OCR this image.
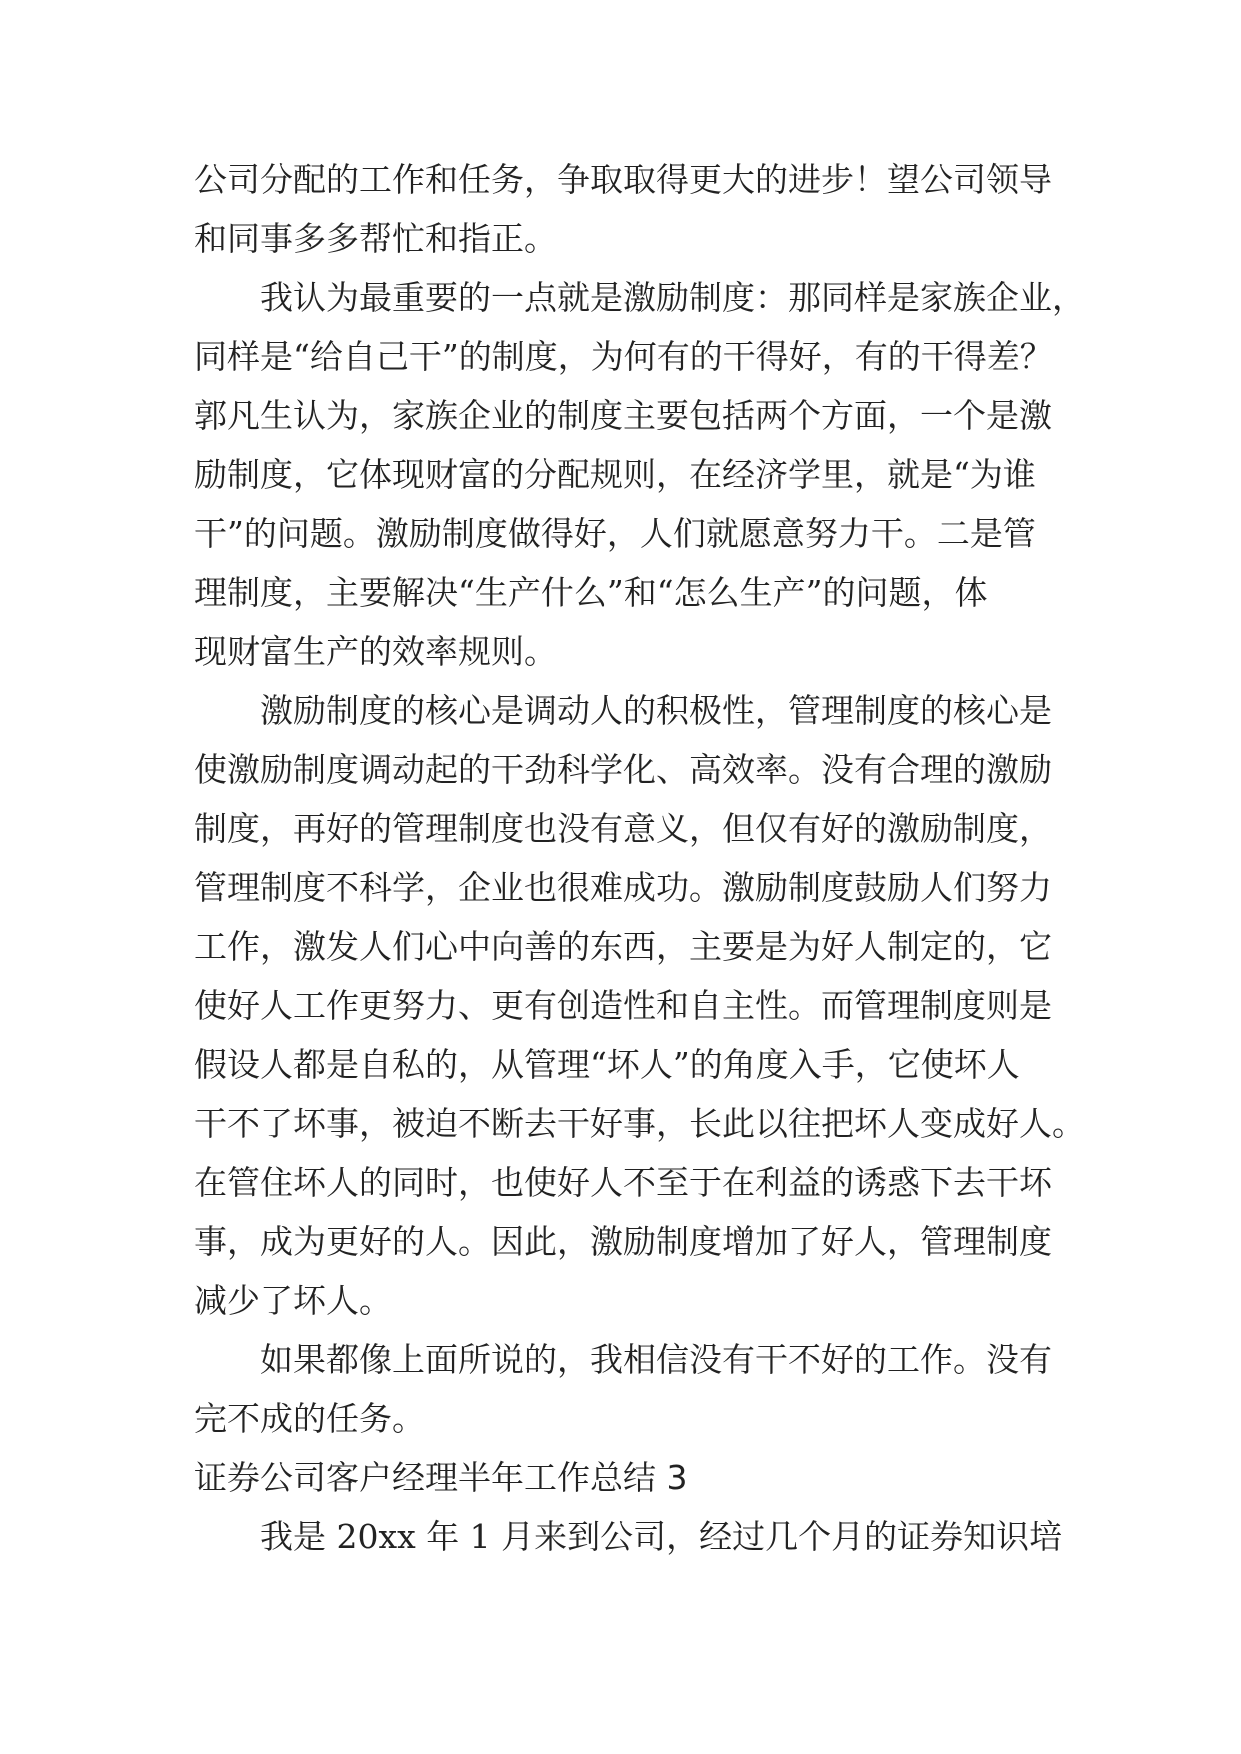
公司分配的工作和任务，争取取得更大的进步！望公司领导
和同事多多帮忙和指正。
　　我认为最重要的一点就是激励制度：那同样是家族企业，
同样是“给自己干”的制度，为何有的干得好，有的干得差？
郭凡生认为，家族企业的制度主要包括两个方面，一个是激
励制度，它体现财富的分配规则，在经济学里，就是“为谁
干”的问题。激励制度做得好，人们就愿意努力干。二是管
理制度，主要解决“生产什么”和“怎么生产”的问题，体
现财富生产的效率规则。
　　激励制度的核心是调动人的积极性，管理制度的核心是
使激励制度调动起的干劲科学化、高效率。没有合理的激励
制度，再好的管理制度也没有意义，但仅有好的激励制度，
管理制度不科学，企业也很难成功。激励制度鼓励人们努力
工作，激发人们心中向善的东西，主要是为好人制定的，它
使好人工作更努力、更有创造性和自主性。而管理制度则是
假设人都是自私的，从管理“坏人”的角度入手，它使坏人
干不了坏事，被迫不断去干好事，长此以往把坏人变成好人。
在管住坏人的同时，也使好人不至于在利益的诱惑下去干坏
事，成为更好的人。因此，激励制度增加了好人，管理制度
减少了坏人。
　　如果都像上面所说的，我相信没有干不好的工作。没有
完不成的任务。
证券公司客户经理半年工作总结 3
　　我是 20xx 年 1 月来到公司，经过几个月的证券知识培
